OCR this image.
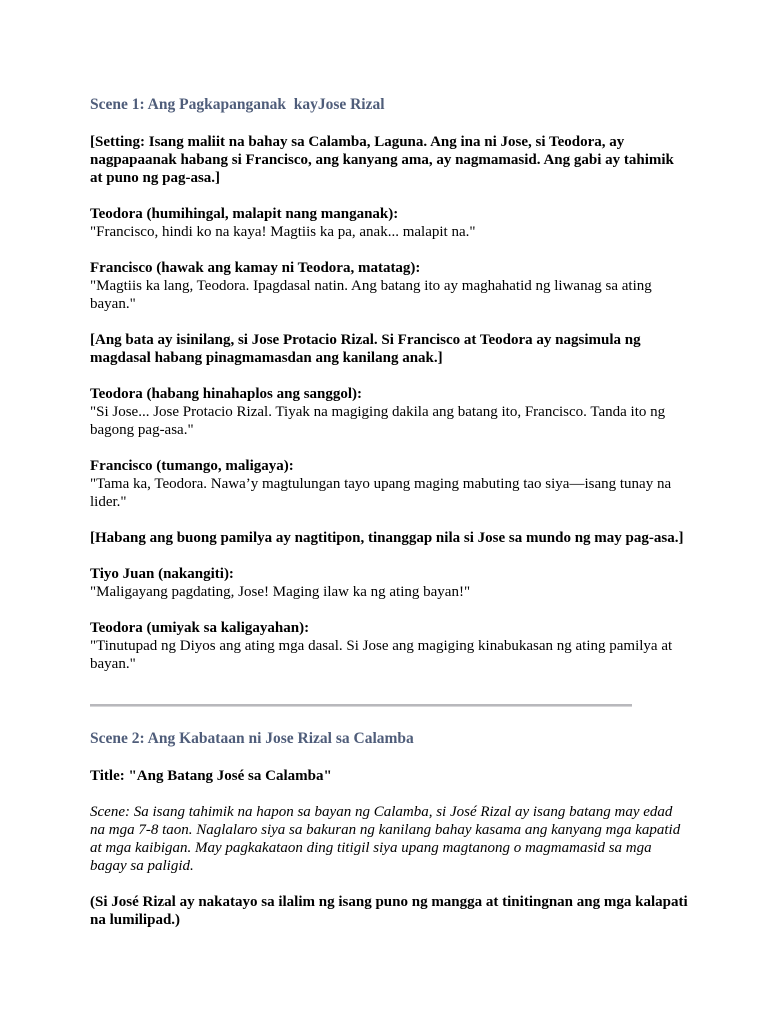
Scene 1: Ang Pagkapanganak  kayJose Rizal

[Setting: Isang maliit na bahay sa Calamba, Laguna. Ang ina ni Jose, si Teodora, ay nagpapaanak habang si Francisco, ang kanyang ama, ay nagmamasid. Ang gabi ay tahimik at puno ng pag-asa.]

Teodora (humihingal, malapit nang manganak):

"Francisco, hindi ko na kaya! Magtiis ka pa, anak... malapit na."

Francisco (hawak ang kamay ni Teodora, matatag):

"Magtiis ka lang, Teodora. Ipagdasal natin. Ang batang ito ay maghahatid ng liwanag sa ating bayan."

[Ang bata ay isinilang, si Jose Protacio Rizal. Si Francisco at Teodora ay nagsimula ng magdasal habang pinagmamasdan ang kanilang anak.]

Teodora (habang hinahaplos ang sanggol):

"Si Jose... Jose Protacio Rizal. Tiyak na magiging dakila ang batang ito, Francisco. Tanda ito ng bagong pag-asa."

Francisco (tumango, maligaya):

"Tama ka, Teodora. Nawa’y magtulungan tayo upang maging mabuting tao siya—isang tunay na lider."

[Habang ang buong pamilya ay nagtitipon, tinanggap nila si Jose sa mundo ng may pag-asa.]

Tiyo Juan (nakangiti):

"Maligayang pagdating, Jose! Maging ilaw ka ng ating bayan!"

Teodora (umiyak sa kaligayahan):

"Tinutupad ng Diyos ang ating mga dasal. Si Jose ang magiging kinabukasan ng ating pamilya at bayan."

Scene 2: Ang Kabataan ni Jose Rizal sa Calamba

Title: "Ang Batang José sa Calamba"

Scene: Sa isang tahimik na hapon sa bayan ng Calamba, si José Rizal ay isang batang may edad na mga 7-8 taon. Naglalaro siya sa bakuran ng kanilang bahay kasama ang kanyang mga kapatid at mga kaibigan. May pagkakataon ding titigil siya upang magtanong o magmamasid sa mga bagay sa paligid.

(Si José Rizal ay nakatayo sa ilalim ng isang puno ng mangga at tinitingnan ang mga kalapati na lumilipad.)
